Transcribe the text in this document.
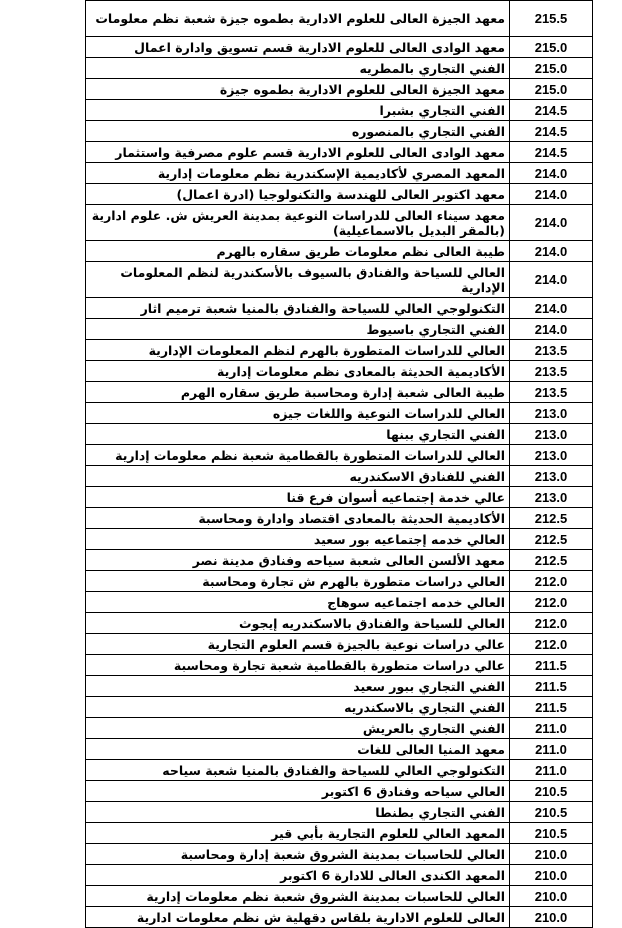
معهد الجيزة العالى للعلوم الادارية بطموه جيزة شعبة نظم معلومات	215.5
معهد الوادى العالى للعلوم الادارية قسم تسويق وادارة اعمال	215.0
الفني التجاري بالمطريه	215.0
معهد الجيزة العالى للعلوم الادارية بطموه جيزة	215.0
الفني التجاري بشبرا	214.5
الفني التجاري بالمنصوره	214.5
معهد الوادى العالى للعلوم الادارية قسم علوم مصرفية واستثمار	214.5
المعهد المصري لأكاديمية الإسكندرية نظم معلومات إدارية	214.0
معهد اكتوبر العالى للهندسة والتكنولوجيا (ادرة اعمال)	214.0
معهد سيناء العالى للدراسات النوعية بمدينة العريش ش. علوم ادارية (بالمقر البديل بالاسماعيلية)	214.0
طيبة العالى نظم معلومات طريق سقاره بالهرم	214.0
العالي للسياحة والفنادق بالسيوف بالأسكندرية لنظم المعلومات الإدارية	214.0
التكنولوجي العالي للسياحة والفنادق بالمنيا شعبة ترميم اثار	214.0
الفني التجاري باسيوط	214.0
العالي للدراسات المتطورة بالهرم لنظم المعلومات الإدارية	213.5
الأكاديمية الحديثة بالمعادى نظم معلومات إدارية	213.5
طيبة العالى شعبة إدارة ومحاسبة طريق سقاره الهرم	213.5
العالي للدراسات النوعية واللغات جيزه	213.0
الفني التجاري ببنها	213.0
العالي للدراسات المتطورة بالقطامية شعبة نظم معلومات إدارية	213.0
الفني للفنادق الاسكندريه	213.0
عالي خدمة إجتماعيه أسوان فرع قنا	213.0
الأكاديمية الحديثة بالمعادى اقتصاد وادارة ومحاسبة	212.5
العالي خدمه إجتماعيه بور سعيد	212.5
معهد الألسن العالى شعبة سياحه وفنادق مدينة نصر	212.5
العالي دراسات متطورة بالهرم ش تجارة ومحاسبة	212.0
العالي خدمه اجتماعيه سوهاج	212.0
العالي للسياحة والفنادق بالاسكندريه إيجوث	212.0
عالي دراسات نوعية بالجيزة قسم العلوم التجارية	212.0
عالي دراسات متطورة بالقطامية شعبة تجارة ومحاسبة	211.5
الفني التجاري ببور سعيد	211.5
الفني التجاري بالاسكندريه	211.5
الفني التجاري بالعريش	211.0
معهد المنيا العالى للغات	211.0
التكنولوجي العالي للسياحة والفنادق بالمنيا شعبة سياحه	211.0
العالي سياحه وفنادق 6 اكتوبر	210.5
الفني التجاري بطنطا	210.5
المعهد العالي للعلوم التجارية بأبي قير	210.5
العالي للحاسبات بمدينة الشروق شعبة إدارة ومحاسبة	210.0
المعهد الكندى العالى للادارة 6 اكتوبر	210.0
العالي للحاسبات بمدينة الشروق شعبة نظم معلومات إدارية	210.0
العالى للعلوم الادارية بلقاس دقهلية ش نظم معلومات ادارية	210.0
